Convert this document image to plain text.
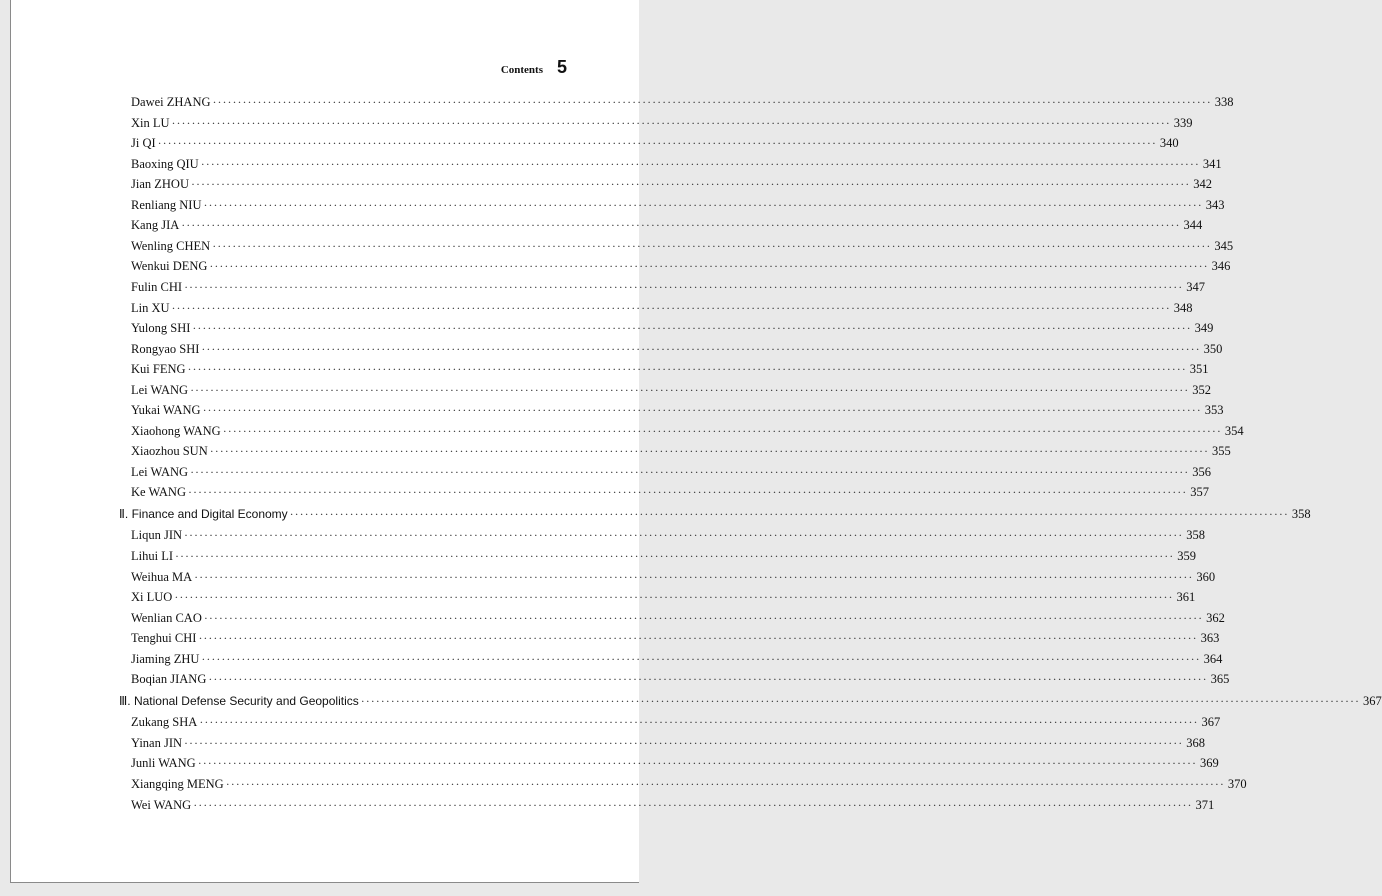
Contents 5
Dawei ZHANG ········································································································································································································ 338
Xin LU ········································································································································································································ 339
Ji QI ········································································································································································································ 340
Baoxing QIU ········································································································································································································ 341
Jian ZHOU ········································································································································································································ 342
Renliang NIU ········································································································································································································ 343
Kang JIA ········································································································································································································ 344
Wenling CHEN ········································································································································································································ 345
Wenkui DENG ········································································································································································································ 346
Fulin CHI ········································································································································································································ 347
Lin XU ········································································································································································································ 348
Yulong SHI ········································································································································································································ 349
Rongyao SHI ········································································································································································································ 350
Kui FENG ········································································································································································································ 351
Lei WANG ········································································································································································································ 352
Yukai WANG ········································································································································································································ 353
Xiaohong WANG ········································································································································································································ 354
Xiaozhou SUN ········································································································································································································ 355
Lei WANG ········································································································································································································ 356
Ke WANG ········································································································································································································ 357
Ⅱ. Finance and Digital Economy ········································································································································································································ 358
Liqun JIN ········································································································································································································ 358
Lihui LI ········································································································································································································ 359
Weihua MA ········································································································································································································ 360
Xi LUO ········································································································································································································ 361
Wenlian CAO ········································································································································································································ 362
Tenghui CHI ········································································································································································································ 363
Jiaming ZHU ········································································································································································································ 364
Boqian JIANG ········································································································································································································ 365
Ⅲ. National Defense Security and Geopolitics ········································································································································································································ 367
Zukang SHA ········································································································································································································ 367
Yinan JIN ········································································································································································································ 368
Junli WANG ········································································································································································································ 369
Xiangqing MENG ········································································································································································································ 370
Wei WANG ········································································································································································································ 371
